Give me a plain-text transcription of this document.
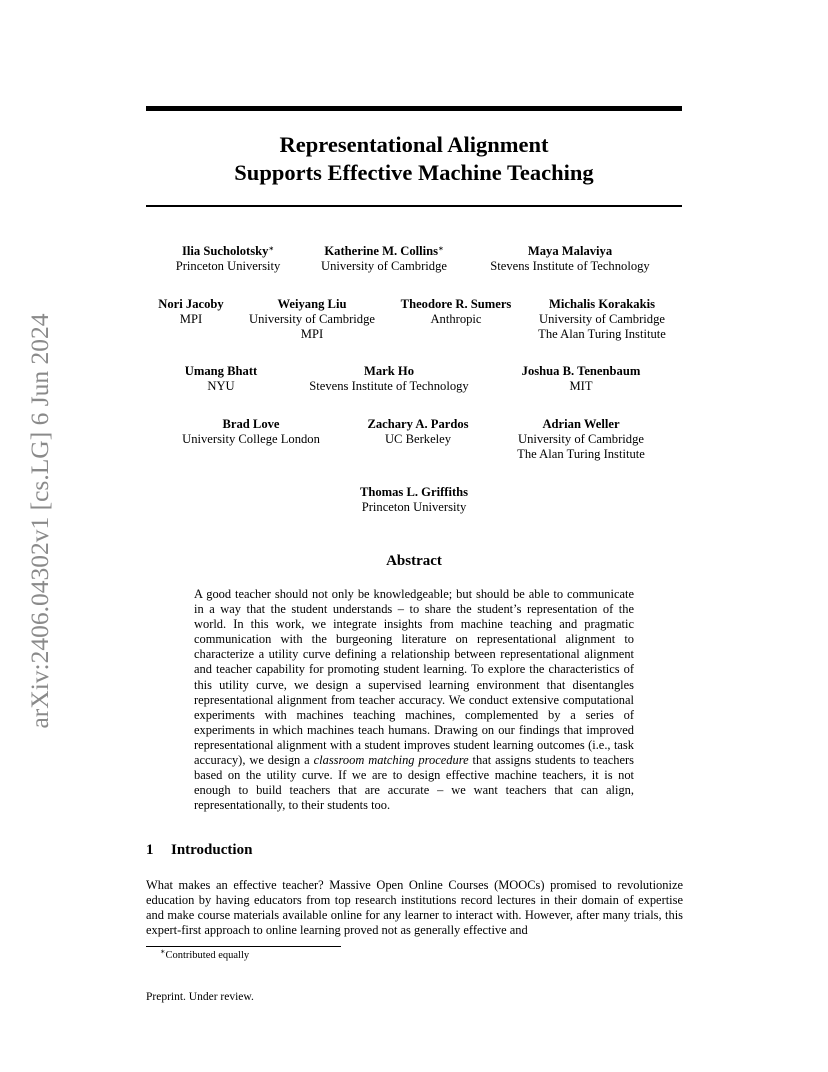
arXiv:2406.04302v1 [cs.LG] 6 Jun 2024
Representational Alignment
Supports Effective Machine Teaching
Ilia Sucholotsky∗
Princeton University
Katherine M. Collins∗
University of Cambridge
Maya Malaviya
Stevens Institute of Technology
Nori Jacoby
MPI
Weiyang Liu
University of Cambridge
MPI
Theodore R. Sumers
Anthropic
Michalis Korakakis
University of Cambridge
The Alan Turing Institute
Umang Bhatt
NYU
Mark Ho
Stevens Institute of Technology
Joshua B. Tenenbaum
MIT
Brad Love
University College London
Zachary A. Pardos
UC Berkeley
Adrian Weller
University of Cambridge
The Alan Turing Institute
Thomas L. Griffiths
Princeton University
Abstract

A good teacher should not only be knowledgeable; but should be able to communicate in a way that the student understands – to share the student’s representation of the world. In this work, we integrate insights from machine teaching and pragmatic communication with the burgeoning literature on representational alignment to characterize a utility curve defining a relationship between representational alignment and teacher capability for promoting student learning. To explore the characteristics of this utility curve, we design a supervised learning environment that disentangles representational alignment from teacher accuracy. We conduct extensive computational experiments with machines teaching machines, complemented by a series of experiments in which machines teach humans. Drawing on our findings that improved representational alignment with a student improves student learning outcomes (i.e., task accuracy), we design a classroom matching procedure that assigns students to teachers based on the utility curve. If we are to design effective machine teachers, it is not enough to build teachers that are accurate – we want teachers that can align, representationally, to their students too.

1 Introduction

What makes an effective teacher? Massive Open Online Courses (MOOCs) promised to revolutionize education by having educators from top research institutions record lectures in their domain of expertise and make course materials available online for any learner to interact with. However, after many trials, this expert-first approach to online learning proved not as generally effective and

∗Contributed equally
Preprint. Under review.
